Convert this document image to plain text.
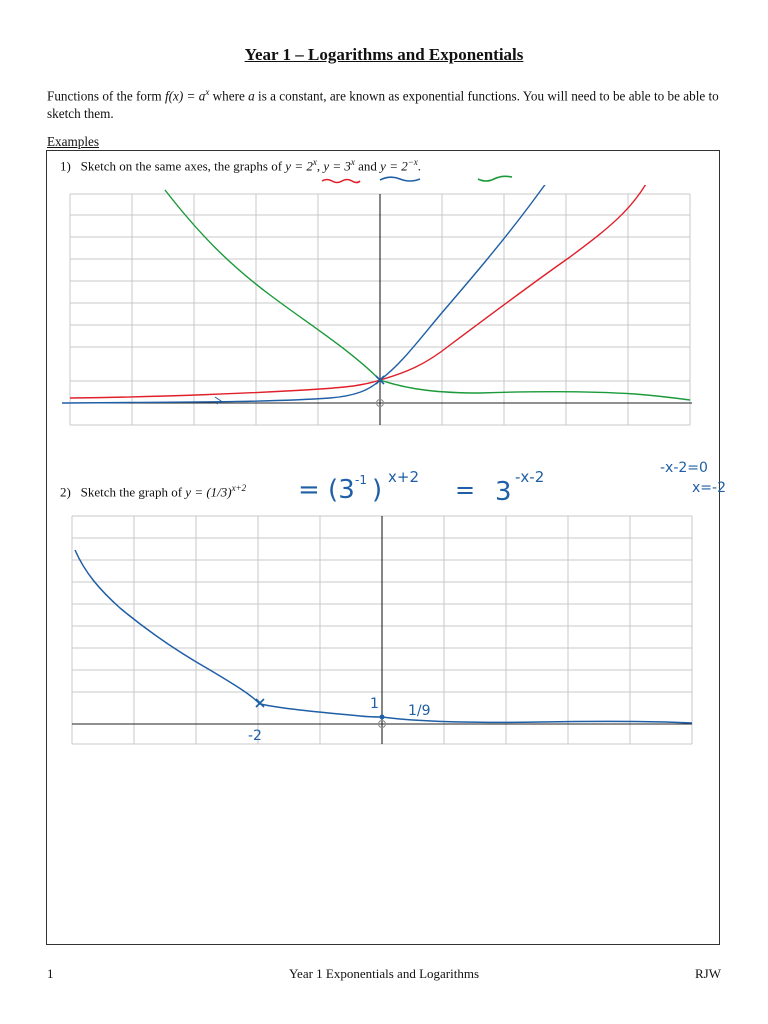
Year 1 – Logarithms and Exponentials
Functions of the form $f(x) = a^x$ where a is a constant, are known as exponential functions. You will need to be able to be able to sketch them.
Examples
1) Sketch on the same axes, the graphs of $y = 2^x$, $y = 3^x$ and $y = 2^{-x}$.
2) Sketch the graph of $y = (1/3)^{x+2} = (3$ -1 ) x+2 = 3 -x-2	-x-2=0
x=-2
1 1/9
-2
1	Year 1 Exponentials and Logarithms	RJW
